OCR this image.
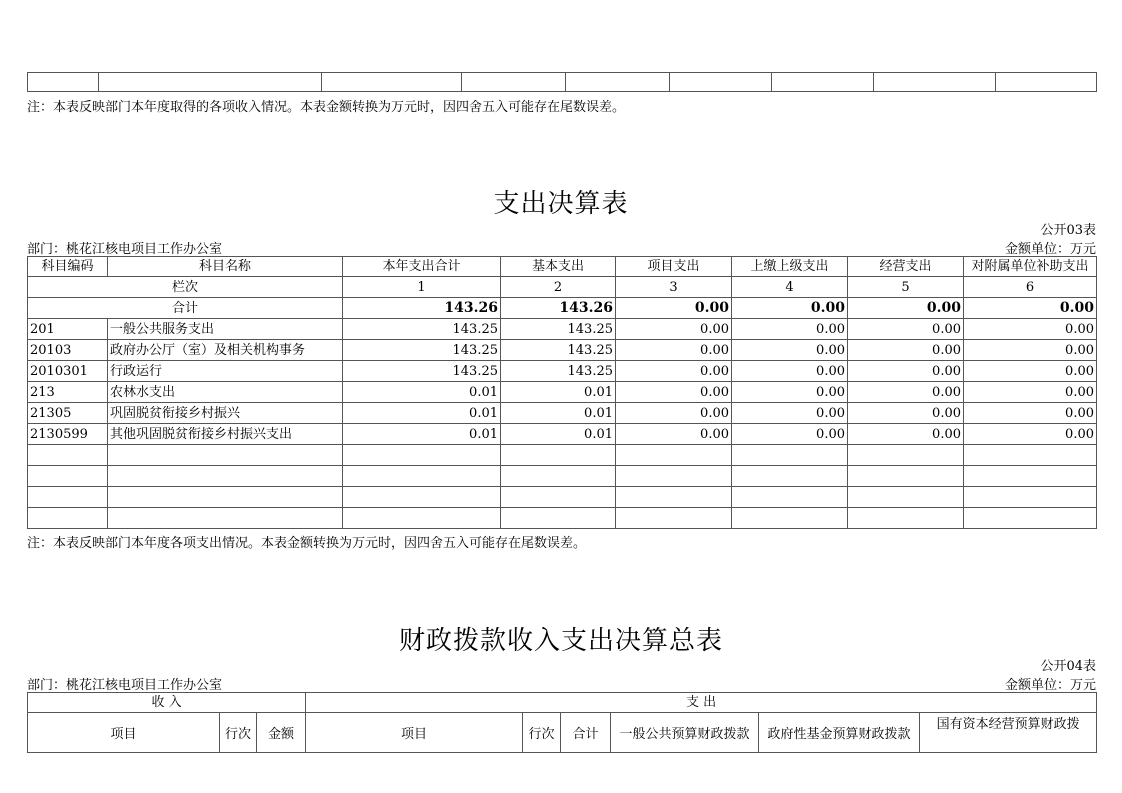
注：本表反映部门本年度取得的各项收入情况。本表金额转换为万元时，因四舍五入可能存在尾数误差。
支出决算表
公开03表
部门：桃花江核电项目工作办公室	金额单位：万元
科目编码	科目名称	本年支出合计	基本支出	项目支出	上缴上级支出	经营支出	对附属单位补助支出
栏次		1	2	3	4	5	6
合计		143.26	143.26	0.00	0.00	0.00	0.00
201	一般公共服务支出	143.25	143.25	0.00	0.00	0.00	0.00
20103	政府办公厅（室）及相关机构事务	143.25	143.25	0.00	0.00	0.00	0.00
2010301	行政运行	143.25	143.25	0.00	0.00	0.00	0.00
213	农林水支出	0.01	0.01	0.00	0.00	0.00	0.00
21305	巩固脱贫衔接乡村振兴	0.01	0.01	0.00	0.00	0.00	0.00
2130599	其他巩固脱贫衔接乡村振兴支出	0.01	0.01	0.00	0.00	0.00	0.00

注：本表反映部门本年度各项支出情况。本表金额转换为万元时，因四舍五入可能存在尾数误差。
财政拨款收入支出决算总表
公开04表
部门：桃花江核电项目工作办公室	金额单位：万元
收 入			支 出					
项目	行次	金额	项目	行次	合计	一般公共预算财政拨款	政府性基金预算财政拨款	国有资本经营预算财政拨
